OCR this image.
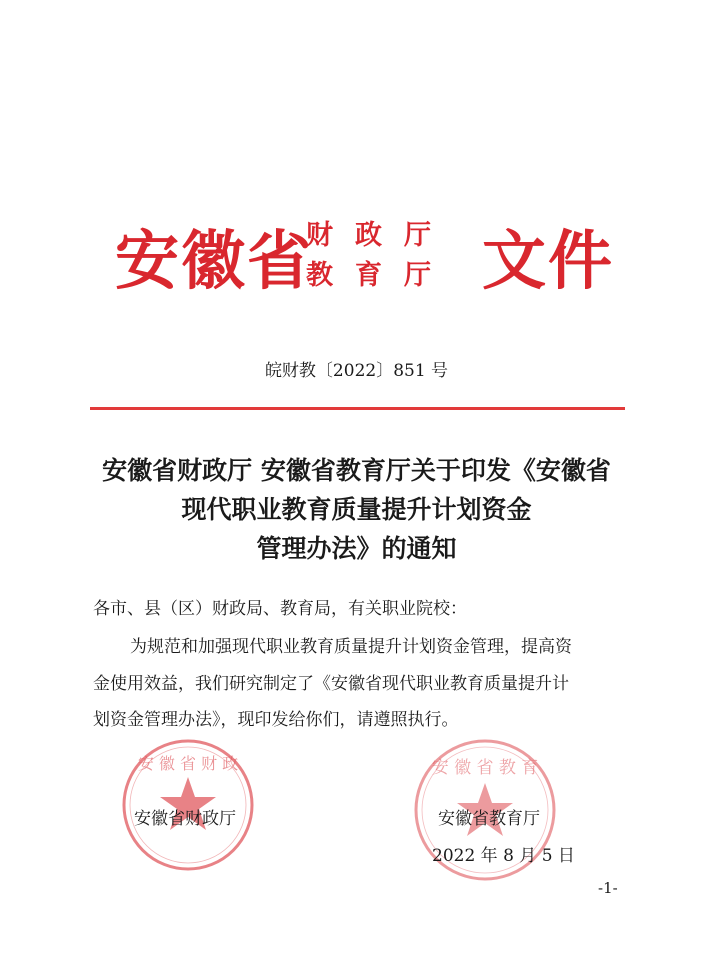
安徽省
财政厅
教育厅 文件
皖财教〔2022〕851 号
安徽省财政厅 安徽省教育厅关于印发《安徽省
现代职业教育质量提升计划资金
管理办法》的通知
各市、县（区）财政局、教育局，有关职业院校：
为规范和加强现代职业教育质量提升计划资金管理，提高资
金使用效益，我们研究制定了《安徽省现代职业教育质量提升计
划资金管理办法》，现印发给你们，请遵照执行。
安 徽 省 财 政	安 徽 省 教 育
安徽省财政厅	安徽省教育厅
2022 年 8 月 5 日
-1-
